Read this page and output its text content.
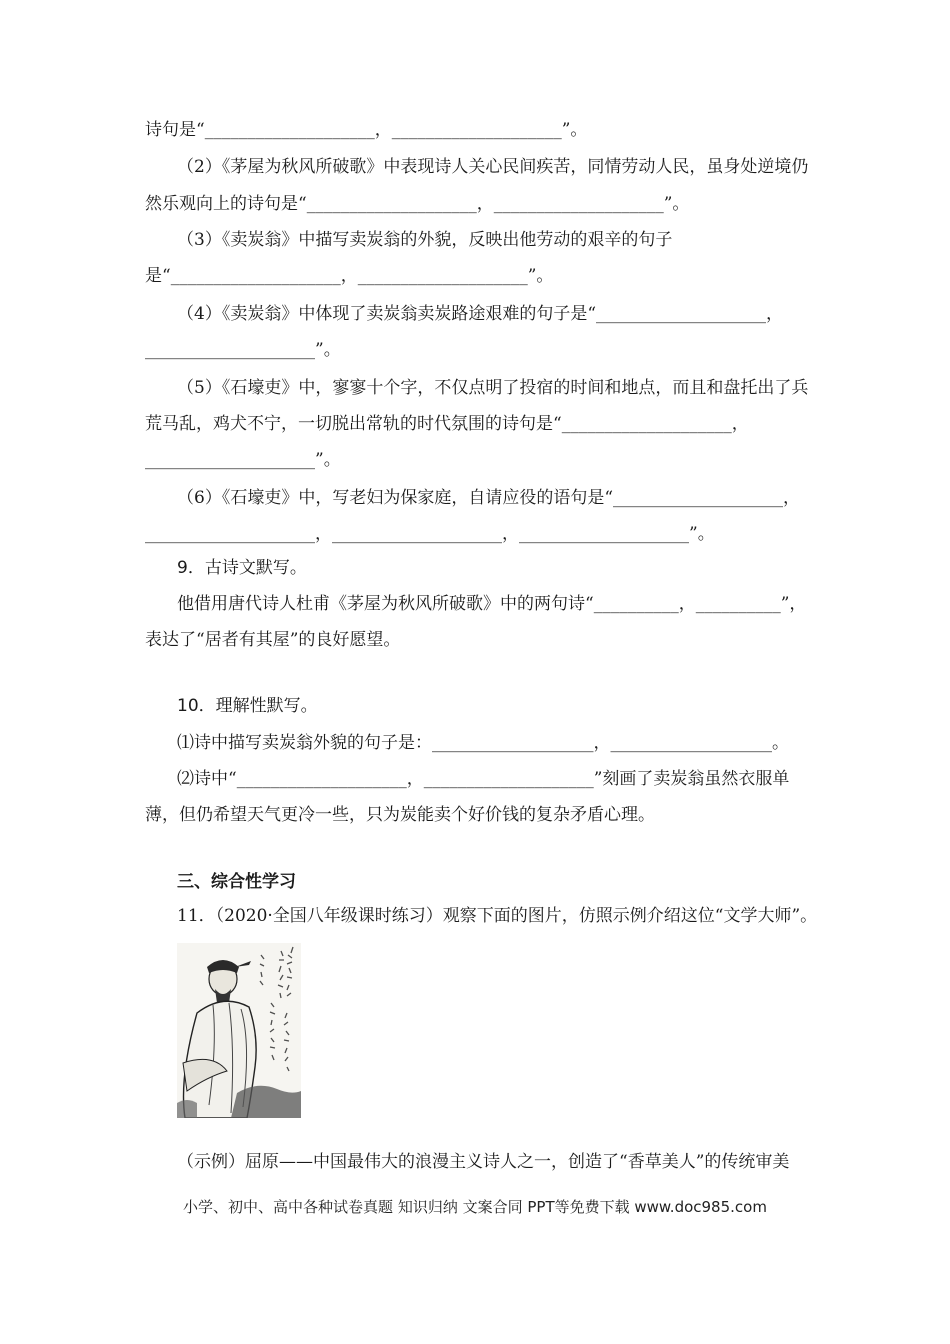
诗句是“____________________，____________________”。
（2）《茅屋为秋风所破歌》中表现诗人关心民间疾苦，同情劳动人民，虽身处逆境仍
然乐观向上的诗句是“____________________，____________________”。
（3）《卖炭翁》中描写卖炭翁的外貌，反映出他劳动的艰辛的句子
是“____________________，____________________”。
（4）《卖炭翁》中体现了卖炭翁卖炭路途艰难的句子是“____________________，
____________________”。
（5）《石壕吏》中，寥寥十个字，不仅点明了投宿的时间和地点，而且和盘托出了兵
荒马乱，鸡犬不宁，一切脱出常轨的时代氛围的诗句是“____________________，
____________________”。
（6）《石壕吏》中，写老妇为保家庭，自请应役的语句是“____________________，
____________________，____________________，____________________”。
9．古诗文默写。
他借用唐代诗人杜甫《茅屋为秋风所破歌》中的两句诗“__________，__________”，
表达了“居者有其屋”的良好愿望。
10．理解性默写。
⑴诗中描写卖炭翁外貌的句子是：___________________，___________________。
⑵诗中“____________________，____________________”刻画了卖炭翁虽然衣服单
薄，但仍希望天气更冷一些，只为炭能卖个好价钱的复杂矛盾心理。
三、综合性学习
11．（2020·全国八年级课时练习）观察下面的图片，仿照示例介绍这位“文学大师”。
（示例）屈原——中国最伟大的浪漫主义诗人之一，创造了“香草美人”的传统审美
小学、初中、高中各种试卷真题 知识归纳 文案合同 PPT等免费下载 www.doc985.com
